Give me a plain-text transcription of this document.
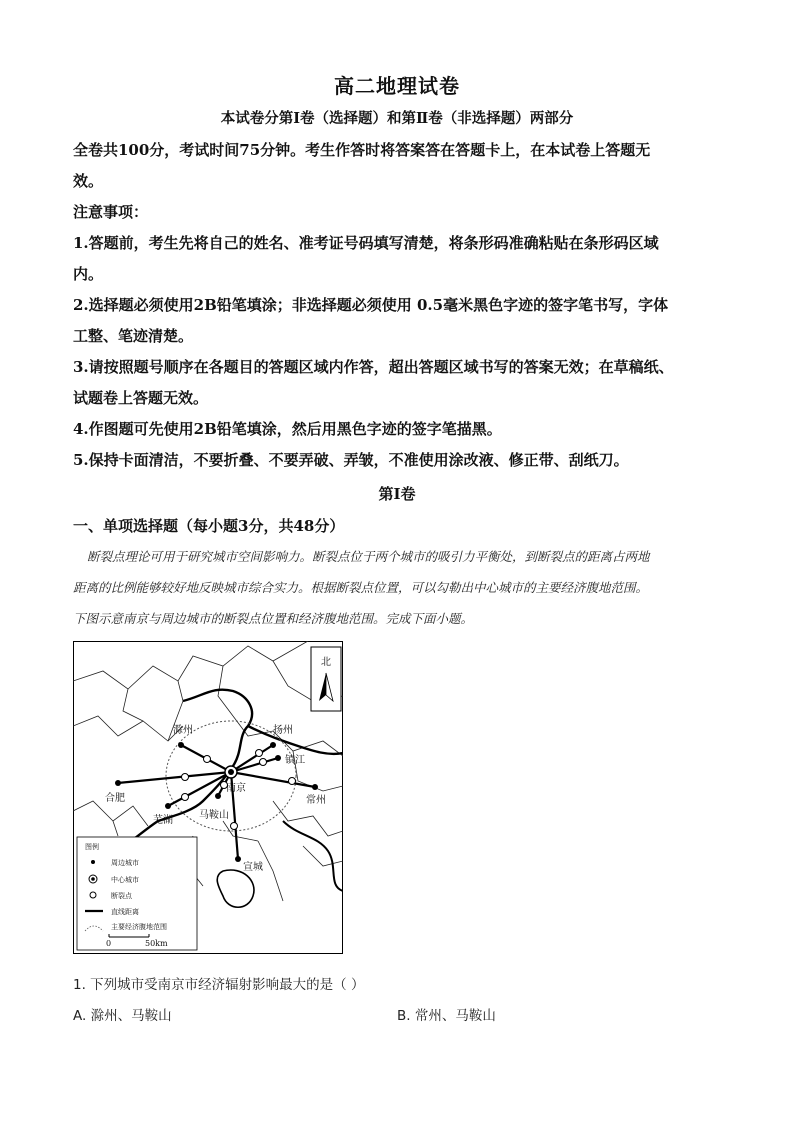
高二地理试卷
本试卷分第Ⅰ卷（选择题）和第Ⅱ卷（非选择题）两部分
全卷共100分，考试时间75分钟。考生作答时将答案答在答题卡上，在本试卷上答题无
效。
注意事项：
1.答题前，考生先将自己的姓名、准考证号码填写清楚，将条形码准确粘贴在条形码区域
内。
2.选择题必须使用2B铅笔填涂；非选择题必须使用 0.5毫米黑色字迹的签字笔书写，字体
工整、笔迹清楚。
3.请按照题号顺序在各题目的答题区域内作答，超出答题区域书写的答案无效；在草稿纸、
试题卷上答题无效。
4.作图题可先使用2B铅笔填涂，然后用黑色字迹的签字笔描黑。
5.保持卡面清洁，不要折叠、不要弄破、弄皱，不准使用涂改液、修正带、刮纸刀。
第Ⅰ卷
一、单项选择题（每小题3分，共48分）
断裂点理论可用于研究城市空间影响力。断裂点位于两个城市的吸引力平衡处，到断裂点的距离占两地
距离的比例能够较好地反映城市综合实力。根据断裂点位置，可以勾勒出中心城市的主要经济腹地范围。
下图示意南京与周边城市的断裂点位置和经济腹地范围。完成下面小题。
滁州	扬州
镇江
合肥
南京
常州
芜湖	马鞍山
宣城
北
图例
周边城市
中心城市
断裂点
直线距离
主要经济腹地范围
0	50km
1. 下列城市受南京市经济辐射影响最大的是（ ）
A. 滁州、马鞍山	B. 常州、马鞍山
